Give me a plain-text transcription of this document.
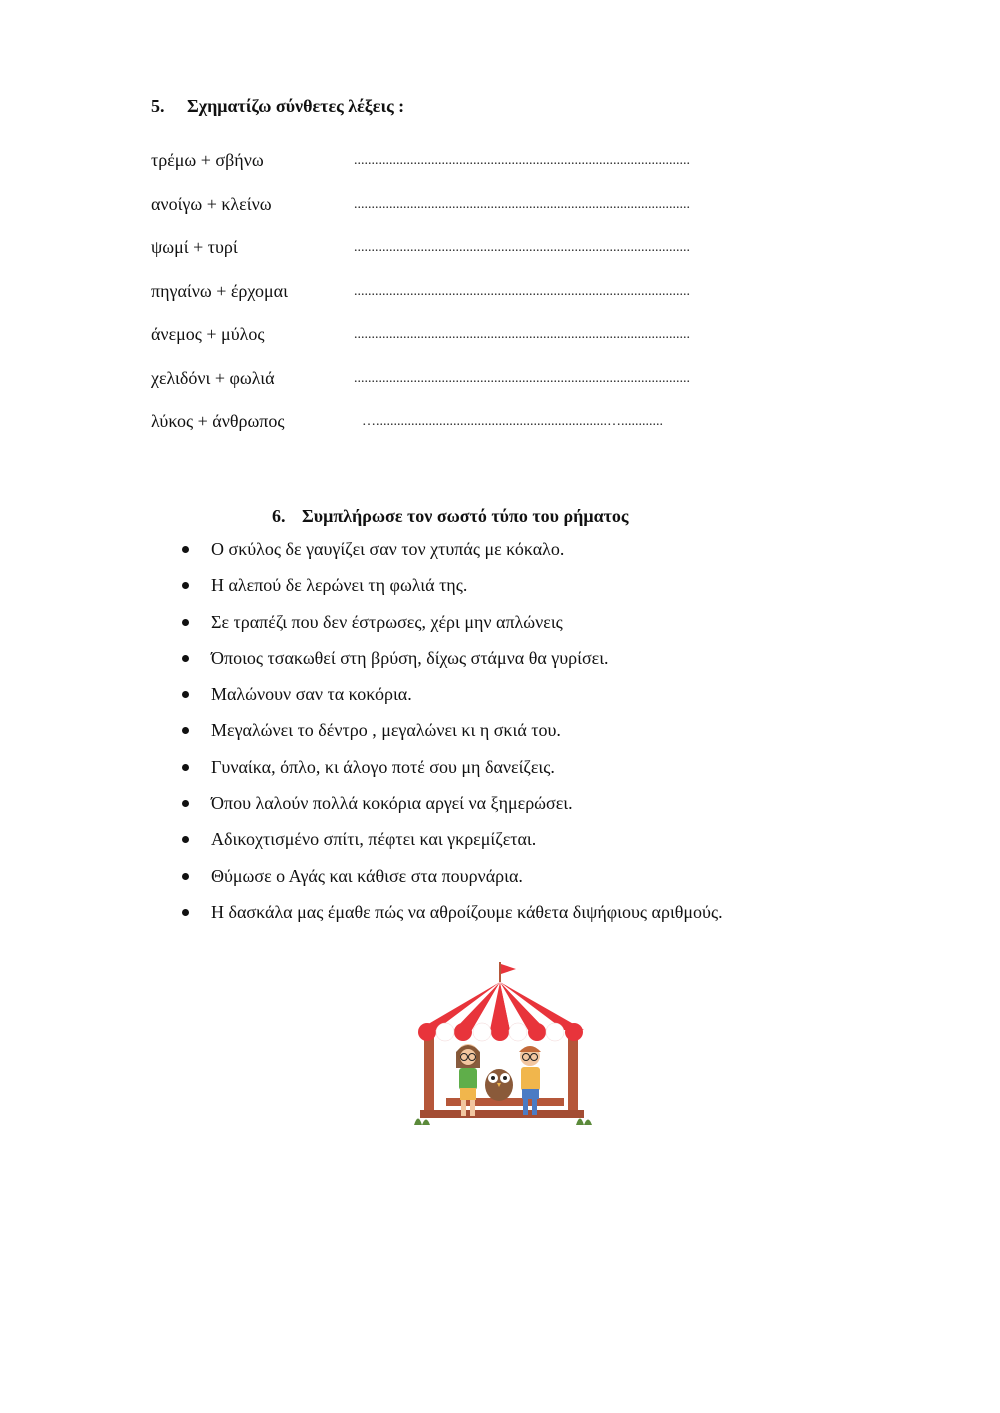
5. Σχηματίζω σύνθετες λέξεις :
τρέμω + σβήνω	................................................................................................
ανοίγω + κλείνω	................................................................................................
ψωμί + τυρί	................................................................................................
πηγαίνω + έρχομαι	................................................................................................
άνεμος + μύλος	................................................................................................
χελιδόνι + φωλιά	................................................................................................
λύκος + άνθρωπος	…..................................................................…............
6. Συμπλήρωσε τον σωστό τύπο του ρήματος
Ο σκύλος δε γαυγίζει σαν τον χτυπάς με κόκαλο.
Η αλεπού δε λερώνει τη φωλιά της.
Σε τραπέζι που δεν έστρωσες, χέρι μην απλώνεις
Όποιος τσακωθεί στη βρύση, δίχως στάμνα θα γυρίσει.
Μαλώνουν σαν τα κοκόρια.
Μεγαλώνει το δέντρο , μεγαλώνει κι η σκιά του.
Γυναίκα, όπλο, κι άλογο ποτέ σου μη δανείζεις.
Όπου λαλούν πολλά κοκόρια αργεί να ξημερώσει.
Αδικοχτισμένο σπίτι, πέφτει και γκρεμίζεται.
Θύμωσε ο Αγάς και κάθισε στα πουρνάρια.
Η δασκάλα μας έμαθε πώς να αθροίζουμε κάθετα διψήφιους αριθμούς.
